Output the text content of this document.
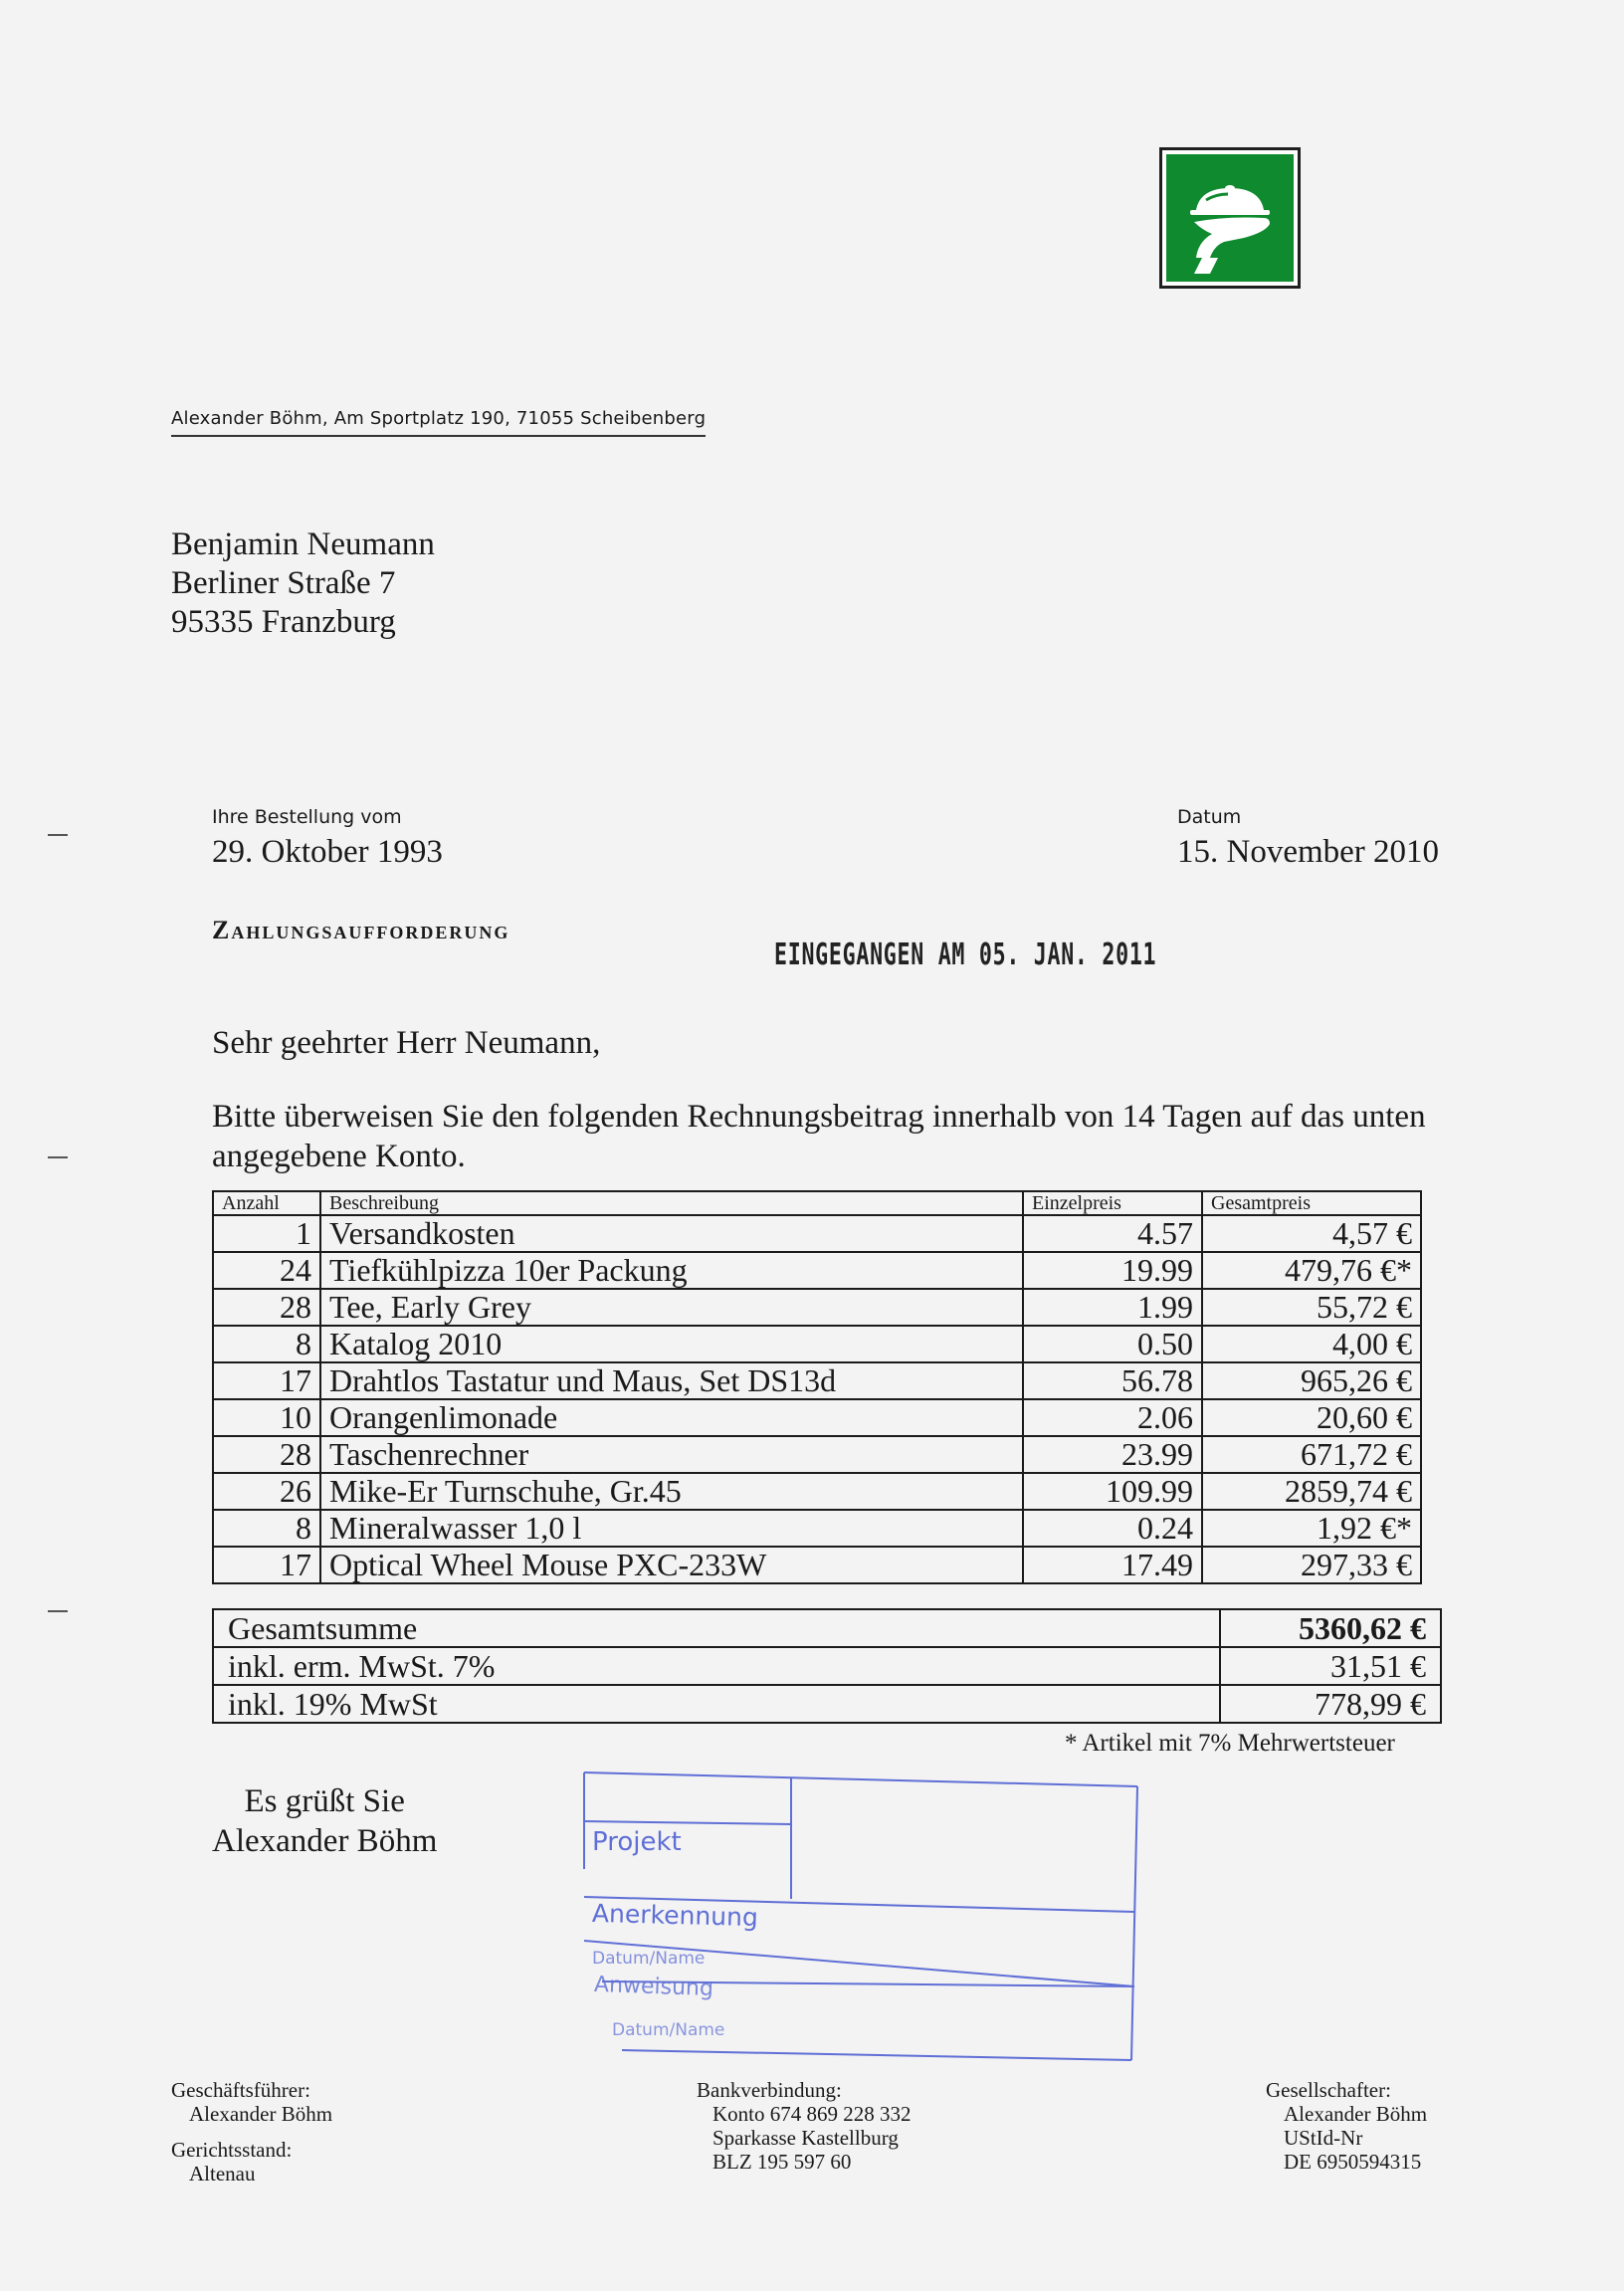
Alexander Böhm, Am Sportplatz 190, 71055 Scheibenberg
Benjamin Neumann
Berliner Straße 7
95335 Franzburg
Ihre Bestellung vom
29. Oktober 1993
Datum
15. November 2010
Zahlungsaufforderung
EINGEGANGEN AM 05. JAN. 2011
Sehr geehrter Herr Neumann,
Bitte überweisen Sie den folgenden Rechnungsbeitrag innerhalb von 14 Tagen auf das unten angegebene Konto.
Anzahl	Beschreibung	Einzelpreis	Gesamtpreis
1	Versandkosten	4.57	4,57 €
24	Tiefkühlpizza 10er Packung	19.99	479,76 €*
28	Tee, Early Grey	1.99	55,72 €
8	Katalog 2010	0.50	4,00 €
17	Drahtlos Tastatur und Maus, Set DS13d	56.78	965,26 €
10	Orangenlimonade	2.06	20,60 €
28	Taschenrechner	23.99	671,72 €
26	Mike-Er Turnschuhe, Gr.45	109.99	2859,74 €
8	Mineralwasser 1,0 l	0.24	1,92 €*
17	Optical Wheel Mouse PXC-233W	17.49	297,33 €
Gesamtsumme	5360,62 €
inkl. erm. MwSt. 7%	31,51 €
inkl. 19% MwSt	778,99 €
* Artikel mit 7% Mehrwertsteuer
Es grüßt Sie
Alexander Böhm	Projekt
Anerkennung
Datum/Name
Anweisung
Datum/Name
Geschäftsführer:
Alexander Böhm
Gerichtsstand:
Altenau
Bankverbindung:
Konto 674 869 228 332
Sparkasse Kastellburg
BLZ 195 597 60
Gesellschafter:
Alexander Böhm
UStId-Nr
DE 6950594315
